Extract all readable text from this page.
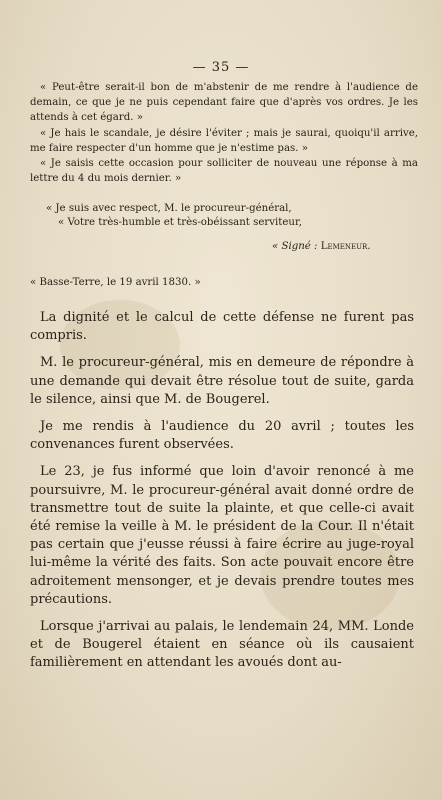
— 35 —

« Peut-être serait-il bon de m'abstenir de me rendre à l'audience de demain, ce que je ne puis cependant faire que d'après vos ordres. Je les attends à cet égard. »

« Je hais le scandale, je désire l'éviter ; mais je saurai, quoiqu'il arrive, me faire respecter d'un homme que je n'estime pas. »

« Je saisis cette occasion pour solliciter de nouveau une réponse à ma lettre du 4 du mois dernier. »

« Je suis avec respect, M. le procureur-général,
« Votre très-humble et très-obéissant serviteur,
« Signé : Lemeneur.
« Basse-Terre, le 19 avril 1830. »

La dignité et le calcul de cette défense ne furent pas compris.

M. le procureur-général, mis en demeure de répondre à une demande qui devait être résolue tout de suite, garda le silence, ainsi que M. de Bougerel.

Je me rendis à l'audience du 20 avril ; toutes les convenances furent observées.

Le 23, je fus informé que loin d'avoir renoncé à me poursuivre, M. le procureur-général avait donné ordre de transmettre tout de suite la plainte, et que celle-ci avait été remise la veille à M. le président de la Cour. Il n'était pas certain que j'eusse réussi à faire écrire au juge-royal lui-même la vérité des faits. Son acte pouvait encore être adroitement mensonger, et je devais prendre toutes mes précautions.

Lorsque j'arrivai au palais, le lendemain 24, MM. Londe et de Bougerel étaient en séance où ils causaient familièrement en attendant les avoués dont au-
